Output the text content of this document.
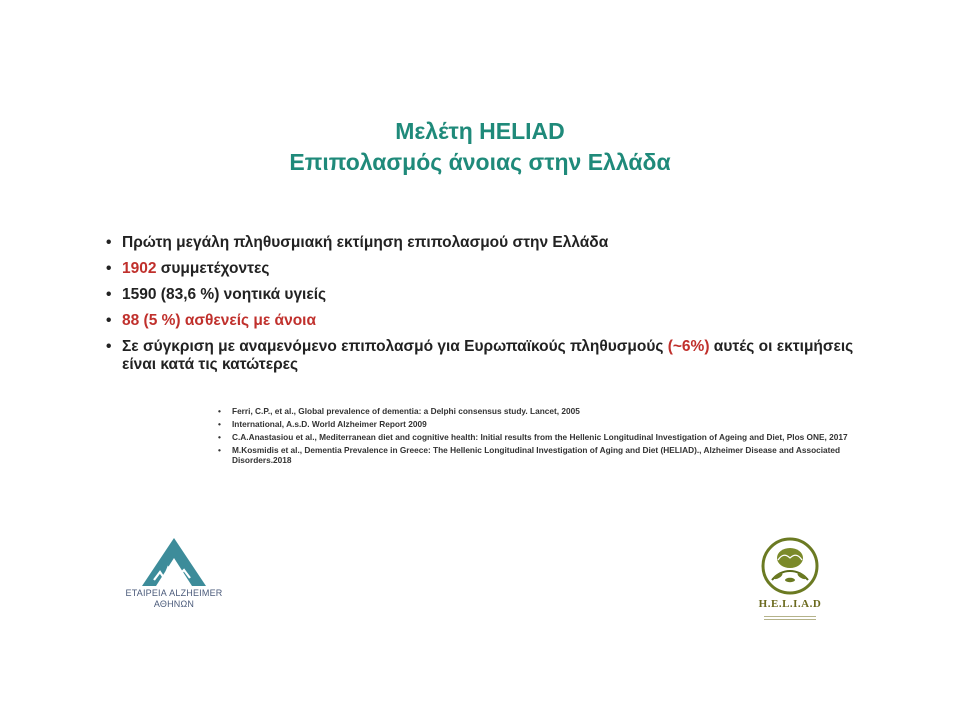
Μελέτη HELIAD
Επιπολασμός άνοιας στην Ελλάδα
• Πρώτη μεγάλη πληθυσμιακή εκτίμηση επιπολασμού στην Ελλάδα
• 1902 συμμετέχοντες
• 1590 (83,6 %) νοητικά υγιείς
• 88 (5 %) ασθενείς με άνοια
• Σε σύγκριση με αναμενόμενο επιπολασμό για Ευρωπαϊκούς πληθυσμούς (~6%) αυτές οι εκτιμήσεις είναι κατά τις κατώτερες
• Ferri, C.P., et al., Global prevalence of dementia: a Delphi consensus study. Lancet, 2005
• International, A.s.D. World Alzheimer Report 2009
• C.A.Anastasiou et al., Mediterranean diet and cognitive health: Initial results from the Hellenic Longitudinal Investigation of Ageing and Diet, Plos ONE, 2017
• M.Kosmidis et al., Dementia Prevalence in Greece: The Hellenic Longitudinal Investigation of Aging and Diet (HELIAD)., Alzheimer Disease and Associated Disorders.2018
ΕΤΑΙΡΕΙΑ ALZHEIMER
ΑΘΗΝΩΝ	H.E.L.I.A.D
